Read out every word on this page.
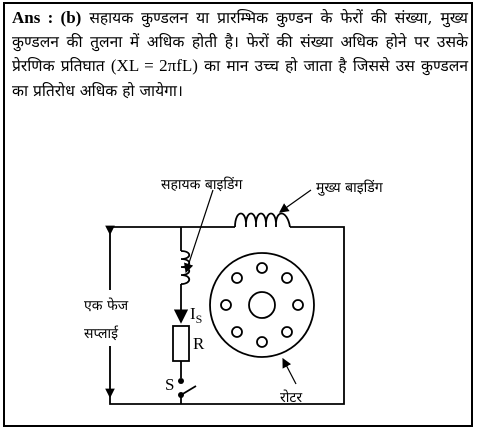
Ans : (b) सहायक कुण्डलन या प्रारम्भिक कुण्डन के फेरों की संख्या, मुख्य कुण्डलन की तुलना में अधिक होती है। फेरों की संख्या अधिक होने पर उसके प्रेरणिक प्रतिघात (XL = 2πfL) का मान उच्च हो जाता है जिससे उस कुण्डलन का प्रतिरोध अधिक हो जायेगा।
सहायक बाइडिंग	मुख्य बाइडिंग
एक फेज
सप्लाई
$I_S$
R
S
रोटर
